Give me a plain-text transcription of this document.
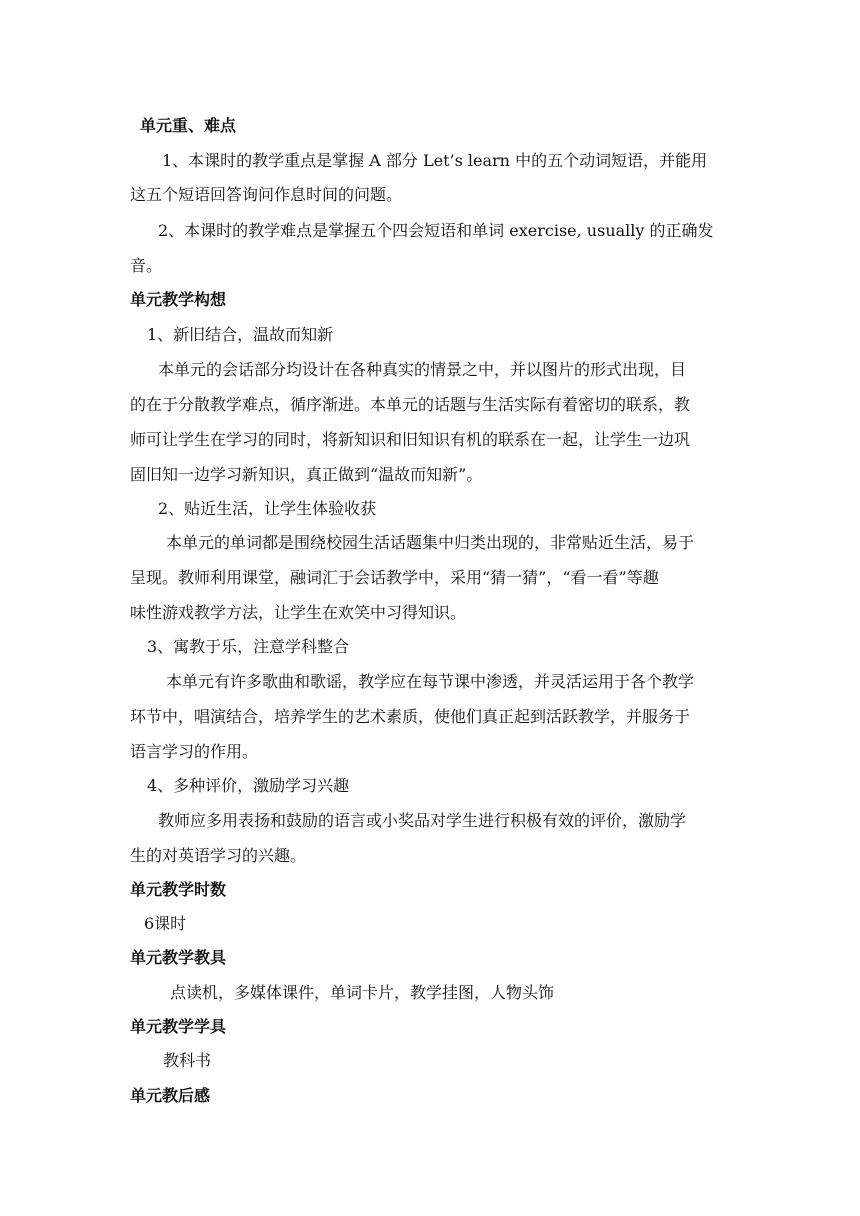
单元重、难点
1、本课时的教学重点是掌握 A 部分 Let’s learn 中的五个动词短语，并能用
这五个短语回答询问作息时间的问题。
2、本课时的教学难点是掌握五个四会短语和单词 exercise, usually 的正确发
音。
单元教学构想
1、新旧结合，温故而知新
本单元的会话部分均设计在各种真实的情景之中，并以图片的形式出现，目
的在于分散教学难点，循序渐进。本单元的话题与生活实际有着密切的联系，教
师可让学生在学习的同时，将新知识和旧知识有机的联系在一起，让学生一边巩
固旧知一边学习新知识，真正做到“温故而知新”。
2、贴近生活，让学生体验收获
本单元的单词都是围绕校园生活话题集中归类出现的，非常贴近生活，易于
呈现。教师利用课堂，融词汇于会话教学中，采用“猜一猜”，“看一看”等趣
味性游戏教学方法，让学生在欢笑中习得知识。
3、寓教于乐，注意学科整合
本单元有许多歌曲和歌谣，教学应在每节课中渗透，并灵活运用于各个教学
环节中，唱演结合，培养学生的艺术素质，使他们真正起到活跃教学，并服务于
语言学习的作用。
4、多种评价，激励学习兴趣
教师应多用表扬和鼓励的语言或小奖品对学生进行积极有效的评价，激励学
生的对英语学习的兴趣。
单元教学时数
6课时
单元教学教具
点读机，多媒体课件，单词卡片，教学挂图，人物头饰
单元教学学具
教科书
单元教后感
